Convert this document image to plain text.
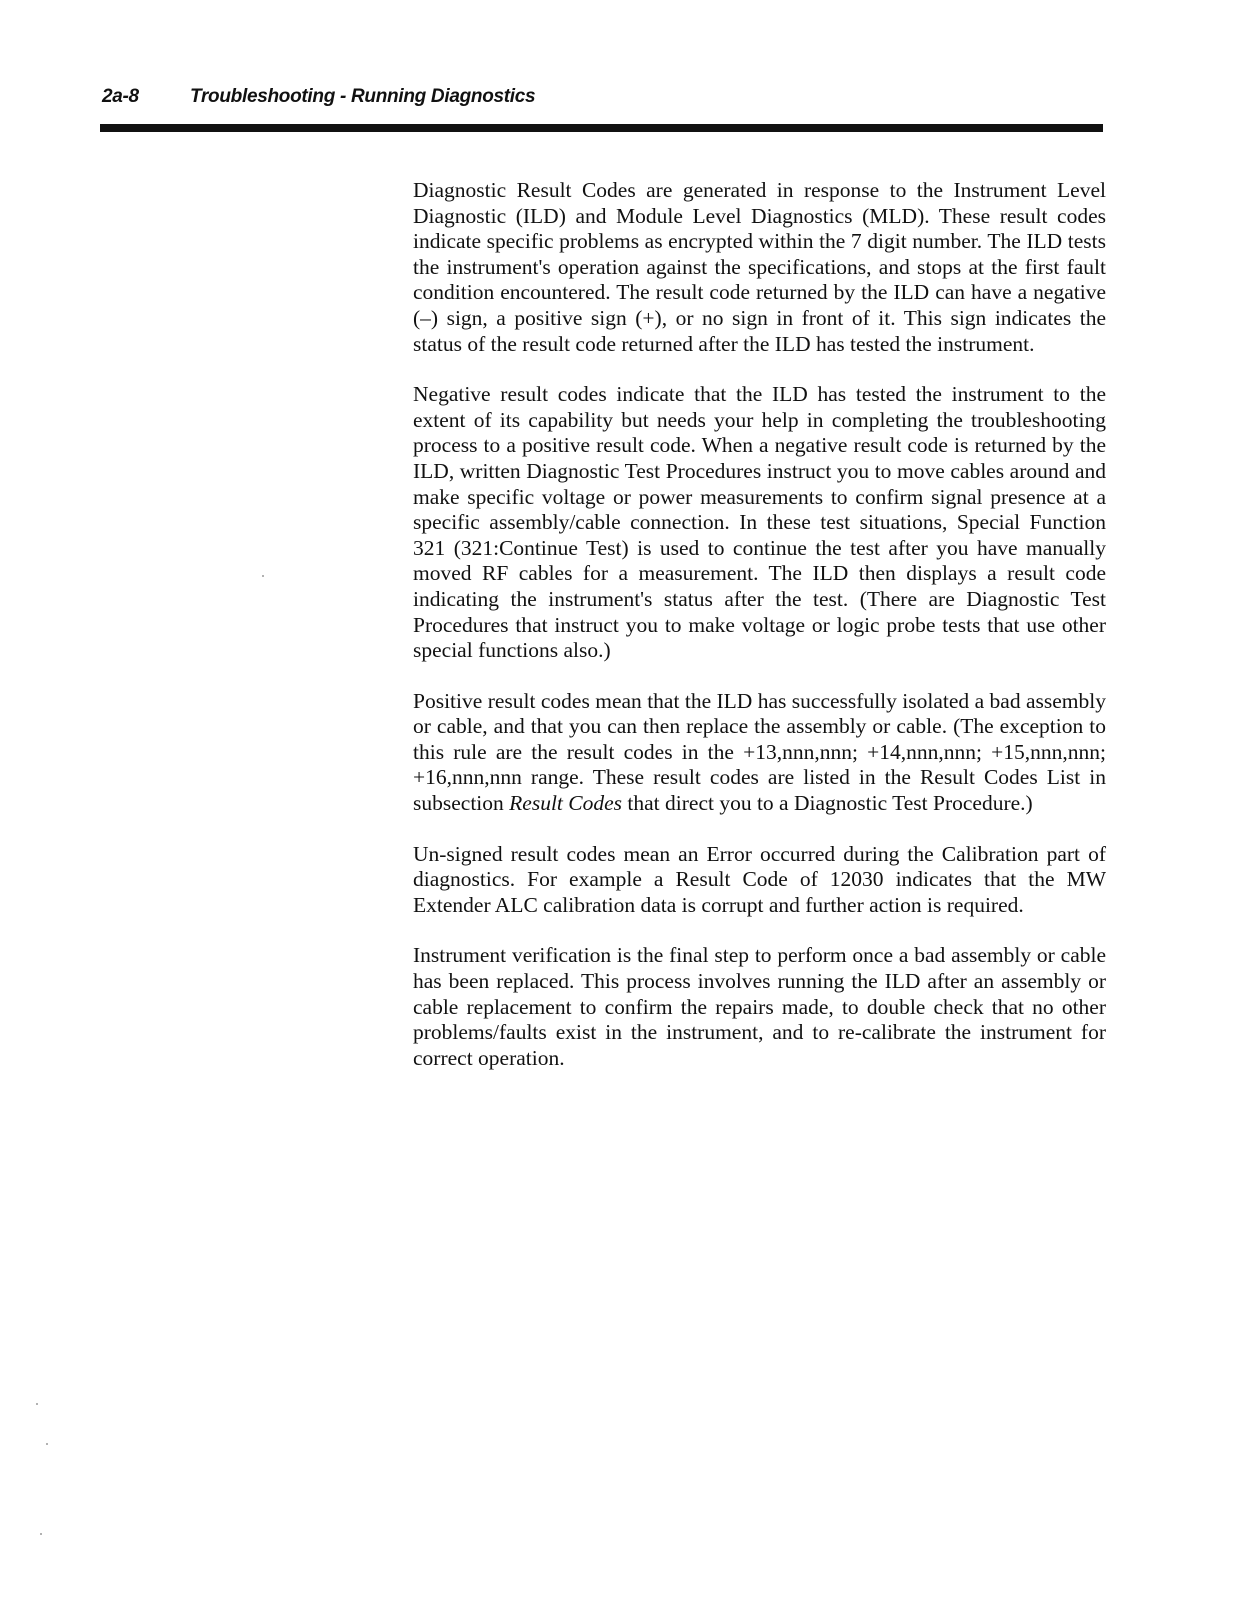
2a-8	Troubleshooting - Running Diagnostics

Diagnostic Result Codes are generated in response to the Instrument Level Diagnostic (ILD) and Module Level Diagnostics (MLD). These result codes indicate specific problems as encrypted within the 7 digit number. The ILD tests the instrument's operation against the specifications, and stops at the first fault condition encountered. The result code returned by the ILD can have a negative (–) sign, a positive sign (+), or no sign in front of it. This sign indicates the status of the result code returned after the ILD has tested the instrument.

Negative result codes indicate that the ILD has tested the instrument to the extent of its capability but needs your help in completing the troubleshooting process to a positive result code. When a negative result code is returned by the ILD, written Diagnostic Test Procedures instruct you to move cables around and make specific voltage or power measurements to confirm signal presence at a specific assembly/cable connection. In these test situations, Special Function 321 (321:Continue Test) is used to continue the test after you have manually moved RF cables for a measurement. The ILD then displays a result code indicating the instrument's status after the test. (There are Diagnostic Test Procedures that instruct you to make voltage or logic probe tests that use other special functions also.)

Positive result codes mean that the ILD has successfully isolated a bad assembly or cable, and that you can then replace the assembly or cable. (The exception to this rule are the result codes in the +13,nnn,nnn; +14,nnn,nnn; +15,nnn,nnn; +16,nnn,nnn range. These result codes are listed in the Result Codes List in subsection Result Codes that direct you to a Diagnostic Test Procedure.)

Un-signed result codes mean an Error occurred during the Calibration part of diagnostics. For example a Result Code of 12030 indicates that the MW Extender ALC calibration data is corrupt and further action is required.

Instrument verification is the final step to perform once a bad assembly or cable has been replaced. This process involves running the ILD after an assembly or cable replacement to confirm the repairs made, to double check that no other problems/faults exist in the instrument, and to re-calibrate the instrument for correct operation.
